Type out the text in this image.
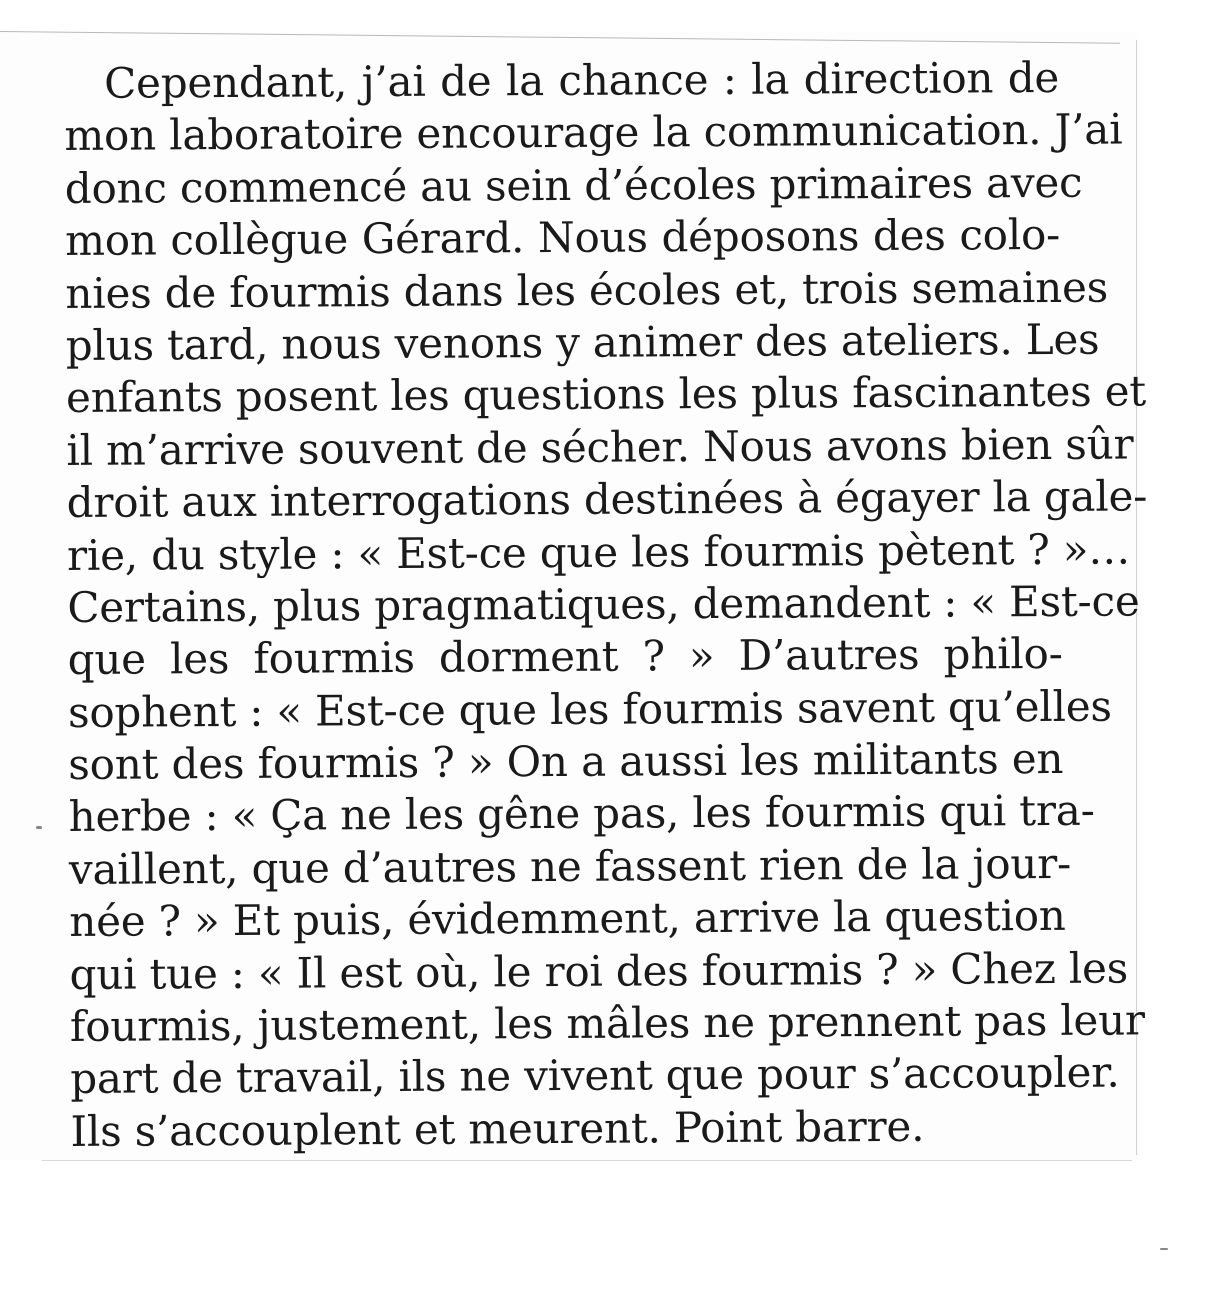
Cependant, j’ai de la chance : la direction de
mon laboratoire encourage la communication. J’ai
donc commencé au sein d’écoles primaires avec
mon collègue Gérard. Nous déposons des colo-
nies de fourmis dans les écoles et, trois semaines
plus tard, nous venons y animer des ateliers. Les
enfants posent les questions les plus fascinantes et
il m’arrive souvent de sécher. Nous avons bien sûr
droit aux interrogations destinées à égayer la gale-
rie, du style : « Est-ce que les fourmis pètent ? »…
Certains, plus pragmatiques, demandent : « Est-ce
que les fourmis dorment ? » D’autres philo-
sophent : « Est-ce que les fourmis savent qu’elles
sont des fourmis ? » On a aussi les militants en
herbe : « Ça ne les gêne pas, les fourmis qui tra-
vaillent, que d’autres ne fassent rien de la jour-
née ? » Et puis, évidemment, arrive la question
qui tue : « Il est où, le roi des fourmis ? » Chez les
fourmis, justement, les mâles ne prennent pas leur
part de travail, ils ne vivent que pour s’accoupler.
Ils s’accouplent et meurent. Point barre.
